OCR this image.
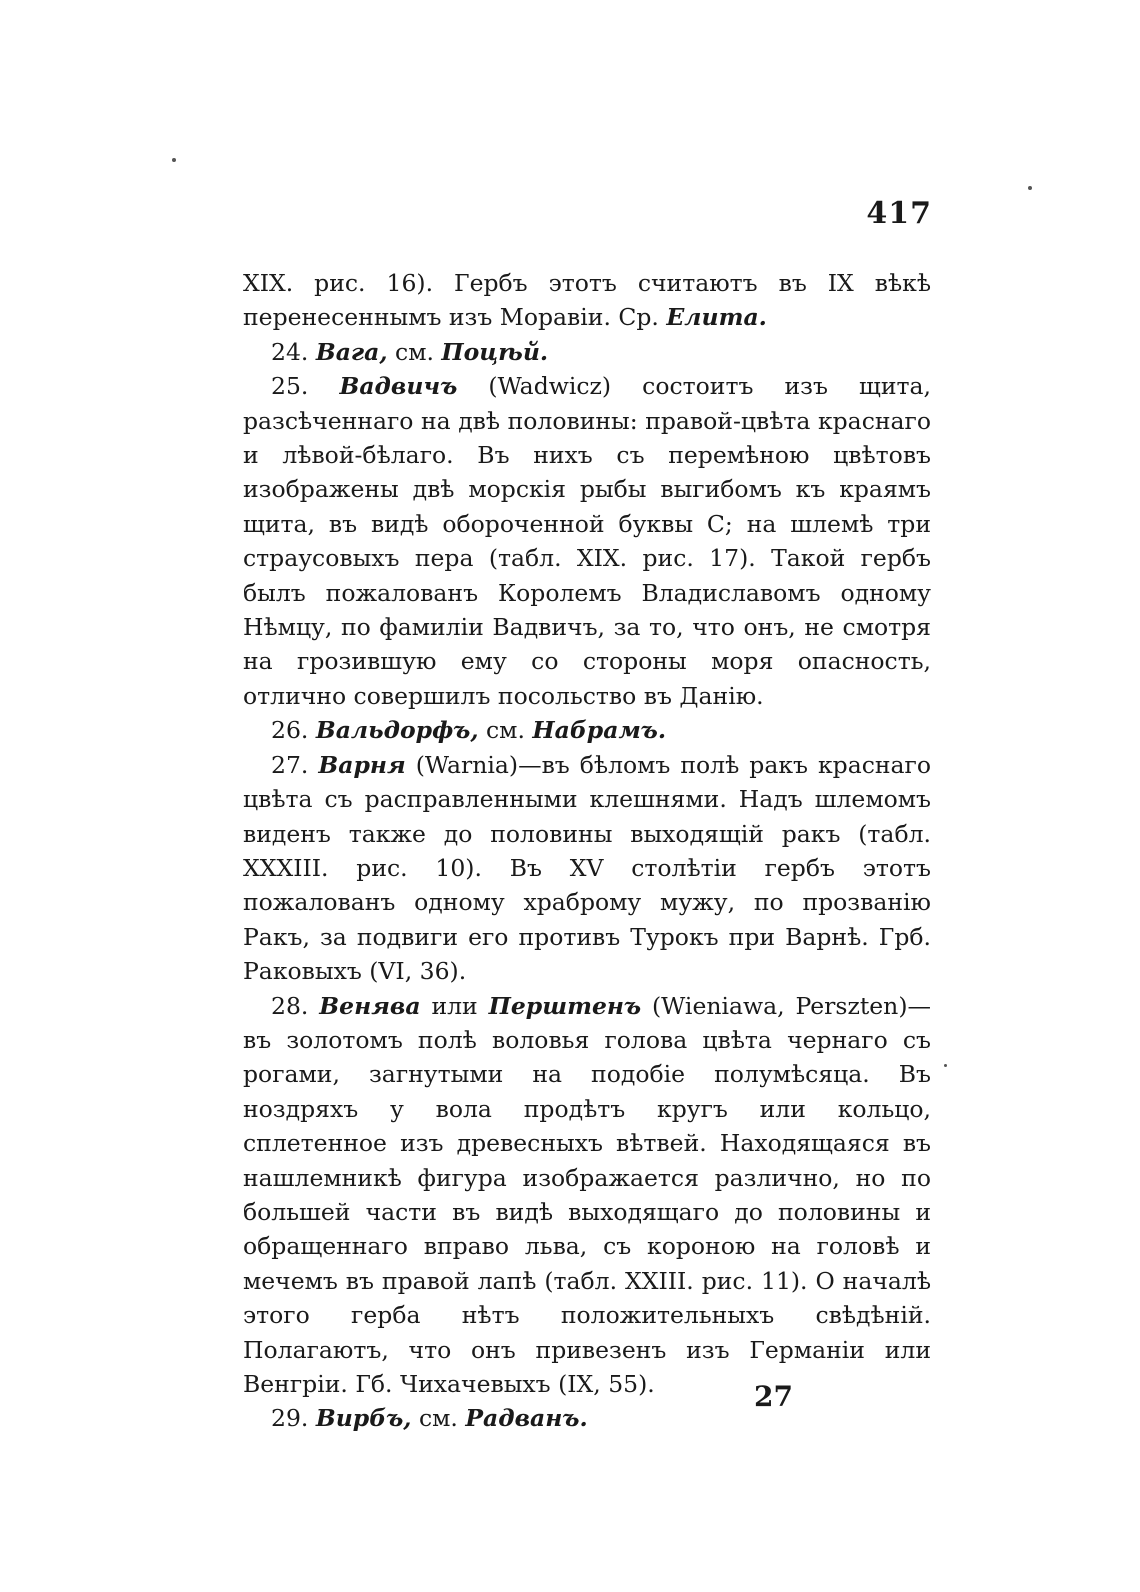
417

XIX. рис. 16). Гербъ этотъ считаютъ въ IX вѣкѣ перенесеннымъ изъ Моравіи. Ср. Елита.

24. Вага, см. Поцѣй.

25. Вадвичъ (Wadwicz) состоитъ изъ щита, разсѣченнаго на двѣ половины: правой-цвѣта краснаго и лѣвой-бѣлаго. Въ нихъ съ перемѣною цвѣтовъ изображены двѣ морскія рыбы выгибомъ къ краямъ щита, въ видѣ обороченной буквы С; на шлемѣ три страусовыхъ пера (табл. XIX. рис. 17). Такой гербъ былъ пожалованъ Королемъ Владиславомъ одному Нѣмцу, по фамиліи Вадвичъ, за то, что онъ, не смотря на грозившую ему со стороны моря опасность, отлично совершилъ посольство въ Данію.

26. Вальдорфъ, см. Набрамъ.

27. Варня (Warnia)—въ бѣломъ полѣ ракъ краснаго цвѣта съ расправленными клешнями. Надъ шлемомъ виденъ также до половины выходящій ракъ (табл. XXXIII. рис. 10). Въ XV столѣтіи гербъ этотъ пожалованъ одному храброму мужу, по прозванію Ракъ, за подвиги его противъ Турокъ при Варнѣ. Грб. Раковыхъ (VI, 36).

28. Венява или Перштенъ (Wieniawa, Perszten)—въ золотомъ полѣ воловья голова цвѣта чернаго съ рогами, загнутыми на подобіе полумѣсяца. Въ ноздряхъ у вола продѣтъ кругъ или кольцо, сплетенное изъ древесныхъ вѣтвей. Находящаяся въ нашлемникѣ фигура изображается различно, но по большей части въ видѣ выходящаго до половины и обращеннаго вправо льва, съ короною на головѣ и мечемъ въ правой лапѣ (табл. XXIII. рис. 11). О началѣ этого герба нѣтъ положительныхъ свѣдѣній. Полагаютъ, что онъ привезенъ изъ Германіи или Венгріи. Гб. Чихачевыхъ (IX, 55).

29. Вирбъ, см. Радванъ.

27
